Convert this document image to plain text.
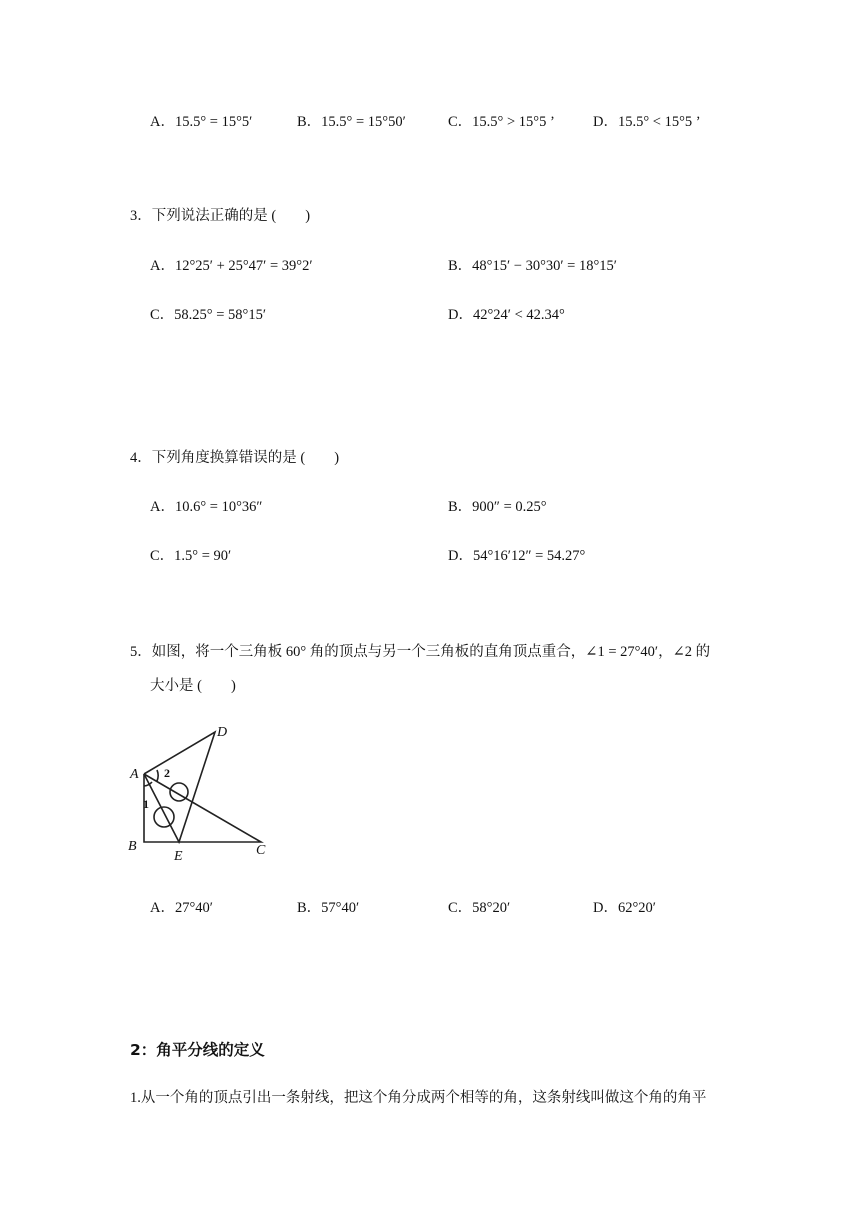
A．15.5° = 15°5′	B．15.5° = 15°50′	C．15.5° > 15°5 ’	D．15.5° < 15°5 ’
3．下列说法正确的是 (　　)
A．12°25′ + 25°47′ = 39°2′	B．48°15′ − 30°30′ = 18°15′
C．58.25° = 58°15′	D．42°24′ < 42.34°
4．下列角度换算错误的是 (　　)
A．10.6° = 10°36″	B．900″ = 0.25°
C．1.5° = 90′	D．54°16′12″ = 54.27°
5．如图，将一个三角板 60° 角的顶点与另一个三角板的直角顶点重合，∠1 = 27°40′，∠2 的
大小是 (　　)
A
D
B
E	C
2
1
A．27°40′	B．57°40′	C．58°20′	D．62°20′
2：角平分线的定义
1.从一个角的顶点引出一条射线，把这个角分成两个相等的角，这条射线叫做这个角的角平
